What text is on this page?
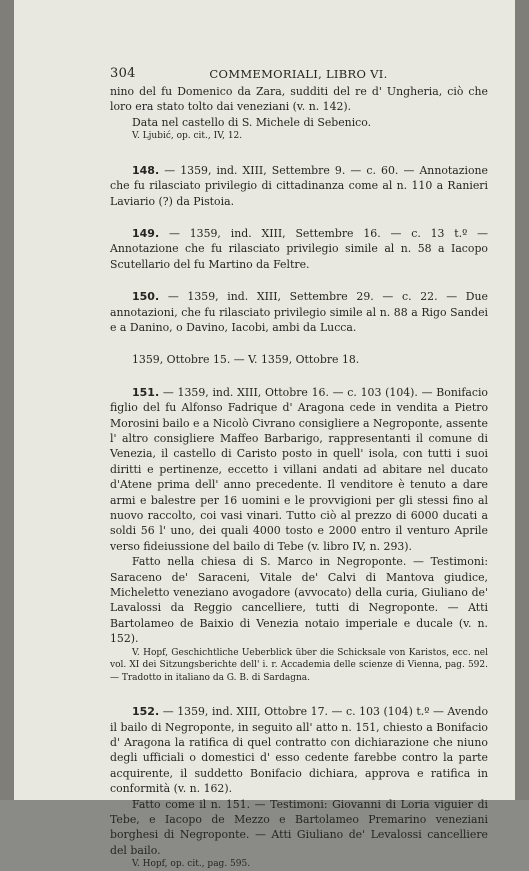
304	COMMEMORIALI, LIBRO VI.

nino del fu Domenico da Zara, sudditi del re d' Ungheria, ciò che loro era stato tolto dai veneziani (v. n. 142).

Data nel castello di S. Michele di Sebenico.

V. Ljubić, op. cit., IV, 12.

148. — 1359, ind. XIII, Settembre 9. — c. 60. — Annotazione che fu rilasciato privilegio di cittadinanza come al n. 110 a Ranieri Laviario (?) da Pistoia.

149. — 1359, ind. XIII, Settembre 16. — c. 13 t.º — Annotazione che fu rilasciato privilegio simile al n. 58 a Iacopo Scutellario del fu Martino da Feltre.

150. — 1359, ind. XIII, Settembre 29. — c. 22. — Due annotazioni, che fu rilasciato privilegio simile al n. 88 a Rigo Sandei e a Danino, o Davino, Iacobi, ambi da Lucca.

1359, Ottobre 15. — V. 1359, Ottobre 18.

151. — 1359, ind. XIII, Ottobre 16. — c. 103 (104). — Bonifacio figlio del fu Alfonso Fadrique d' Aragona cede in vendita a Pietro Morosini bailo e a Nicolò Civrano consigliere a Negroponte, assente l' altro consigliere Maffeo Barbarigo, rappresentanti il comune di Venezia, il castello di Caristo posto in quell' isola, con tutti i suoi diritti e pertinenze, eccetto i villani andati ad abitare nel ducato d'Atene prima dell' anno precedente. Il venditore è tenuto a dare armi e balestre per 16 uomini e le provvigioni per gli stessi fino al nuovo raccolto, coi vasi vinari. Tutto ciò al prezzo di 6000 ducati a soldi 56 l' uno, dei quali 4000 tosto e 2000 entro il venturo Aprile verso fideiussione del bailo di Tebe (v. libro IV, n. 293).

Fatto nella chiesa di S. Marco in Negroponte. — Testimoni: Saraceno de' Saraceni, Vitale de' Calvi di Mantova giudice, Micheletto veneziano avogadore (avvocato) della curia, Giuliano de' Lavalossi da Reggio cancelliere, tutti di Negroponte. — Atti Bartolameo de Baixio di Venezia notaio imperiale e ducale (v. n. 152).

V. Hopf, Geschichtliche Ueberblick über die Schicksale von Karistos, ecc. nel vol. XI dei Sitzungsberichte dell' i. r. Accademia delle scienze di Vienna, pag. 592. — Tradotto in italiano da G. B. di Sardagna.

152. — 1359, ind. XIII, Ottobre 17. — c. 103 (104) t.º — Avendo il bailo di Negroponte, in seguito all' atto n. 151, chiesto a Bonifacio d' Aragona la ratifica di quel contratto con dichiarazione che niuno degli ufficiali o domestici d' esso cedente farebbe contro la parte acquirente, il suddetto Bonifacio dichiara, approva e ratifica in conformità (v. n. 162).

Fatto come il n. 151. — Testimoni: Giovanni di Loria viguier di Tebe, e Iacopo de Mezzo e Bartolameo Premarino veneziani borghesi di Negroponte. — Atti Giuliano de' Levalossi cancelliere del bailo.

V. Hopf, op. cit., pag. 595.
